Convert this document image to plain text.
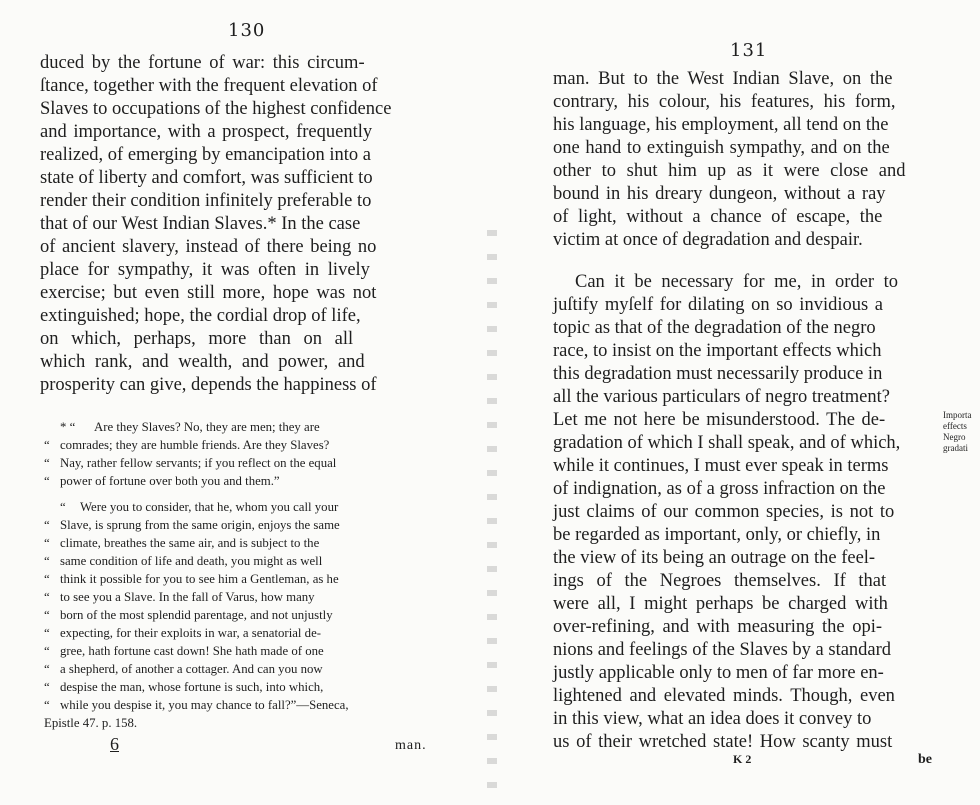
130
131
duced by the fortune of war: this circum-
ſtance, together with the frequent elevation of
Slaves to occupations of the highest confidence
and importance, with a prospect, frequently
realized, of emerging by emancipation into a
state of liberty and comfort, was sufficient to
render their condition infinitely preferable to
that of our West Indian Slaves.* In the case
of ancient slavery, instead of there being no
place for sympathy, it was often in lively
exercise; but even still more, hope was not
extinguished; hope, the cordial drop of life,
on which, perhaps, more than on all
which rank, and wealth, and power, and
prosperity can give, depends the happiness of
* “ Are they Slaves? No, they are men; they are
“ comrades; they are humble friends. Are they Slaves?
“ Nay, rather fellow servants; if you reflect on the equal
“ power of fortune over both you and them.”
“ Were you to consider, that he, whom you call your
“ Slave, is sprung from the same origin, enjoys the same
“ climate, breathes the same air, and is subject to the
“ same condition of life and death, you might as well
“ think it possible for you to see him a Gentleman, as he
“ to see you a Slave. In the fall of Varus, how many
“ born of the most splendid parentage, and not unjustly
“ expecting, for their exploits in war, a senatorial de-
“ gree, hath fortune cast down! She hath made of one
“ a shepherd, of another a cottager. And can you now
“ despise the man, whose fortune is such, into which,
“ while you despise it, you may chance to fall?”—Seneca,
Epistle 47. p. 158.
6	man.
man. But to the West Indian Slave, on the
contrary, his colour, his features, his form,
his language, his employment, all tend on the
one hand to extinguish sympathy, and on the
other to shut him up as it were close and
bound in his dreary dungeon, without a ray
of light, without a chance of escape, the
victim at once of degradation and despair.
Can it be necessary for me, in order to
juſtify myſelf for dilating on so invidious a
topic as that of the degradation of the negro
race, to insist on the important effects which
this degradation must necessarily produce in
all the various particulars of negro treatment?
Let me not here be misunderstood. The de-
gradation of which I shall speak, and of which,
while it continues, I must ever speak in terms
of indignation, as of a gross infraction on the
just claims of our common species, is not to
be regarded as important, only, or chiefly, in
the view of its being an outrage on the feel-
ings of the Negroes themselves. If that
were all, I might perhaps be charged with
over-refining, and with measuring the opi-
nions and feelings of the Slaves by a standard
justly applicable only to men of far more en-
lightened and elevated minds. Though, even
in this view, what an idea does it convey to
us of their wretched state! How scanty must
Importa
effects
Negro
gradati
K 2	be
